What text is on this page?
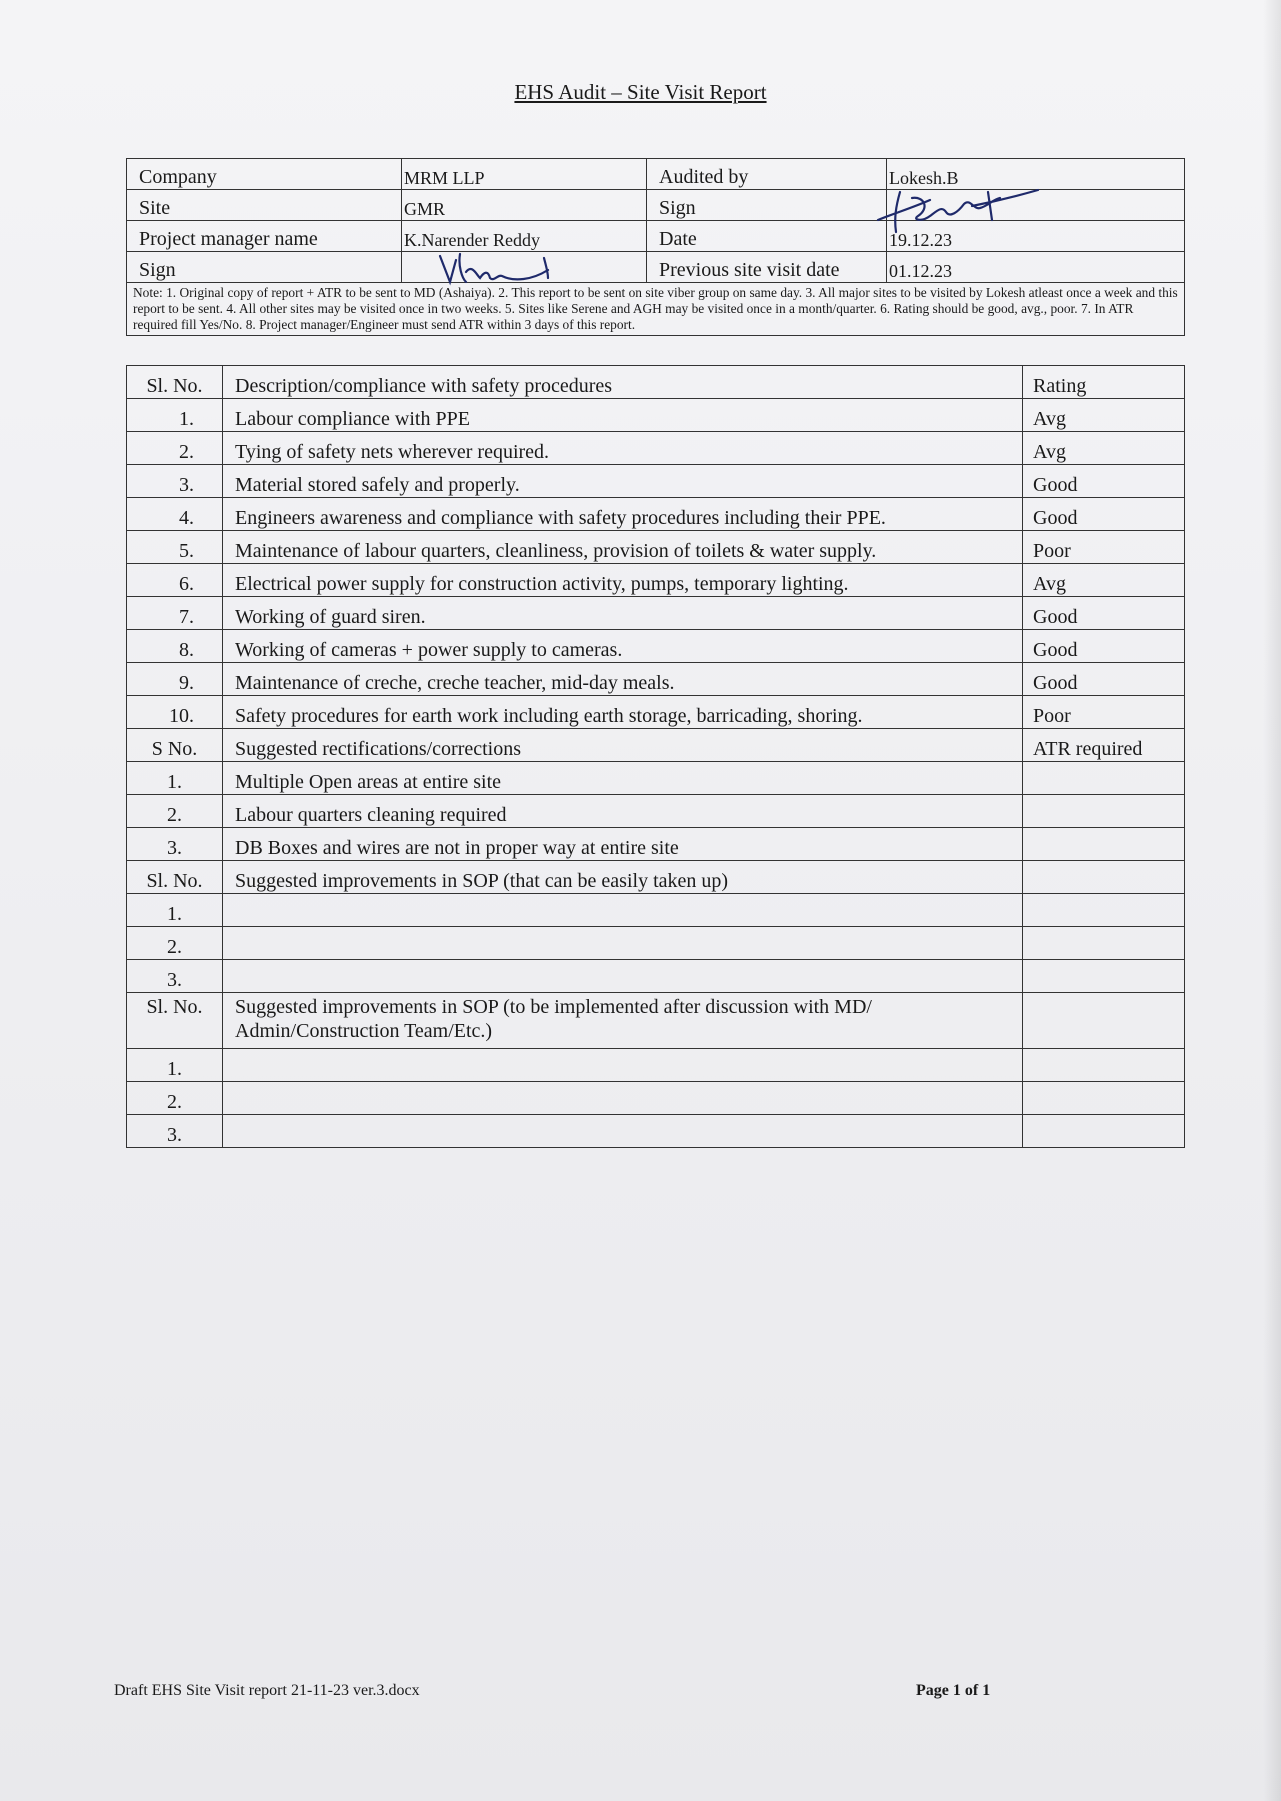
EHS Audit – Site Visit Report
Company	MRM LLP	Audited by	Lokesh.B
Site	GMR	Sign	
Project manager name	K.Narender Reddy	Date	19.12.23
Sign		Previous site visit date	01.12.23
Note: 1. Original copy of report + ATR to be sent to MD (Ashaiya). 2. This report to be sent on site viber group on same day. 3. All major sites to be visited by Lokesh atleast once a week and this report to be sent. 4. All other sites may be visited once in two weeks. 5. Sites like Serene and AGH may be visited once in a month/quarter. 6. Rating should be good, avg., poor. 7. In ATR required fill Yes/No. 8. Project manager/Engineer must send ATR within 3 days of this report.			
Sl. No.	Description/compliance with safety procedures	Rating
1.	Labour compliance with PPE	Avg
2.	Tying of safety nets wherever required.	Avg
3.	Material stored safely and properly.	Good
4.	Engineers awareness and compliance with safety procedures including their PPE.	Good
5.	Maintenance of labour quarters, cleanliness, provision of toilets & water supply.	Poor
6.	Electrical power supply for construction activity, pumps, temporary lighting.	Avg
7.	Working of guard siren.	Good
8.	Working of cameras + power supply to cameras.	Good
9.	Maintenance of creche, creche teacher, mid-day meals.	Good
10.	Safety procedures for earth work including earth storage, barricading, shoring.	Poor
S No.	Suggested rectifications/corrections	ATR required
1.	Multiple Open areas at entire site	
2.	Labour quarters cleaning required	
3.	DB Boxes and wires are not in proper way at entire site	
Sl. No.	Suggested improvements in SOP (that can be easily taken up)	
1.		
2.		
3.		
Sl. No.	Suggested improvements in SOP (to be implemented after discussion with MD/ Admin/Construction Team/Etc.)	
1.		
2.		
3.		
Draft EHS Site Visit report 21-11-23 ver.3.docx	Page 1 of 1
